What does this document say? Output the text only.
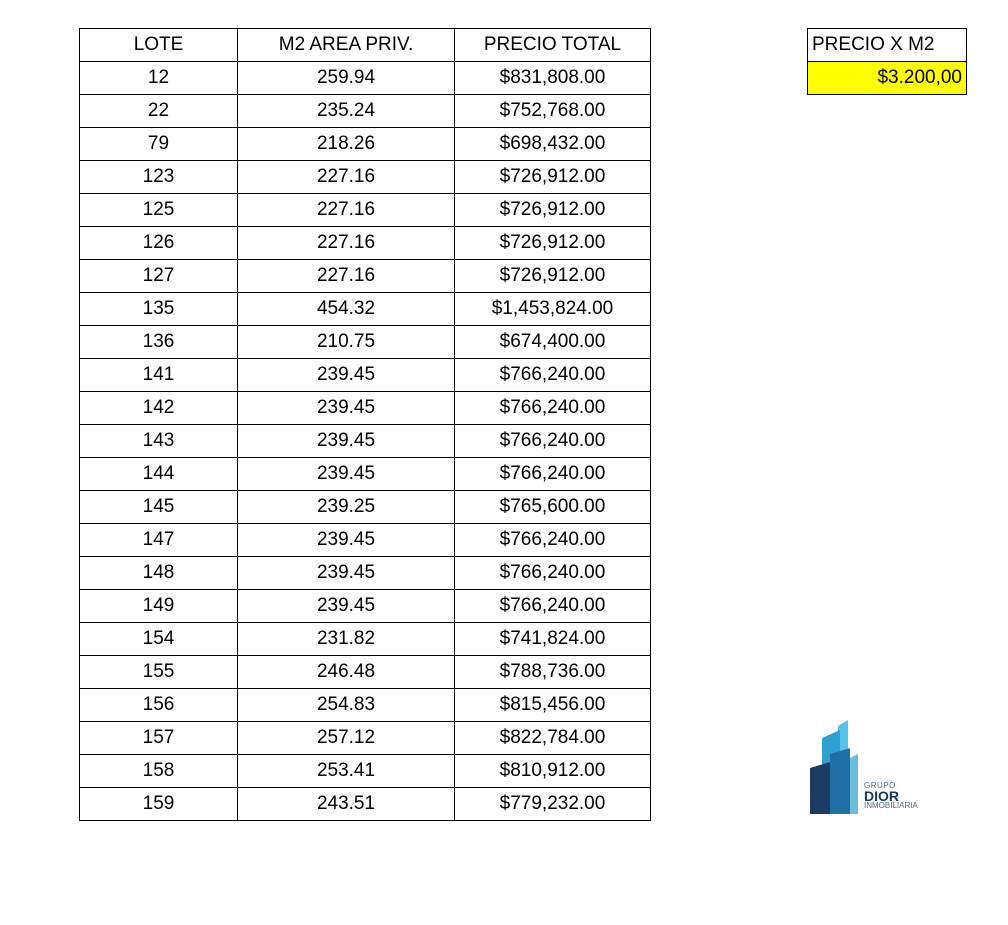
LOTE	M2 AREA PRIV.	PRECIO TOTAL
12	259.94	$831,808.00
22	235.24	$752,768.00
79	218.26	$698,432.00
123	227.16	$726,912.00
125	227.16	$726,912.00
126	227.16	$726,912.00
127	227.16	$726,912.00
135	454.32	$1,453,824.00
136	210.75	$674,400.00
141	239.45	$766,240.00
142	239.45	$766,240.00
143	239.45	$766,240.00
144	239.45	$766,240.00
145	239.25	$765,600.00
147	239.45	$766,240.00
148	239.45	$766,240.00
149	239.45	$766,240.00
154	231.82	$741,824.00
155	246.48	$788,736.00
156	254.83	$815,456.00
157	257.12	$822,784.00
158	253.41	$810,912.00
159	243.51	$779,232.00
PRECIO X M2
$3.200,00
GRUPO
DIOR
INMOBILIARIA
